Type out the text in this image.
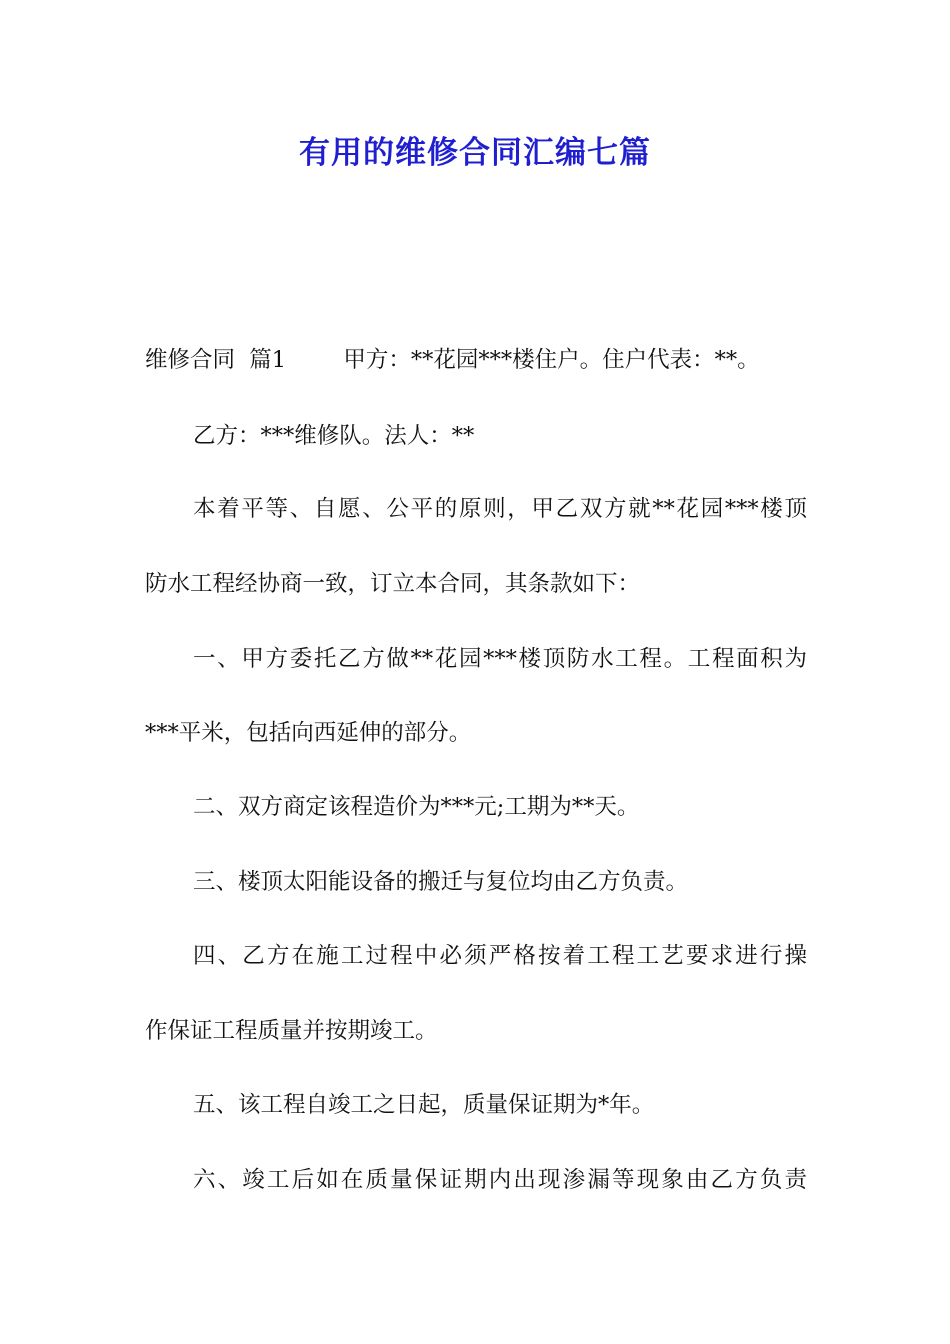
有用的维修合同汇编七篇
维修合同  篇1        甲方：**花园***楼住户。住户代表：**。
乙方：***维修队。法人：**
本着平等、自愿、公平的原则，甲乙双方就**花园***楼顶
防水工程经协商一致，订立本合同，其条款如下：
一、甲方委托乙方做**花园***楼顶防水工程。工程面积为
***平米，包括向西延伸的部分。
二、双方商定该程造价为***元;工期为**天。
三、楼顶太阳能设备的搬迁与复位均由乙方负责。
四、乙方在施工过程中必须严格按着工程工艺要求进行操
作保证工程质量并按期竣工。
五、该工程自竣工之日起，质量保证期为*年。
六、竣工后如在质量保证期内出现渗漏等现象由乙方负责
